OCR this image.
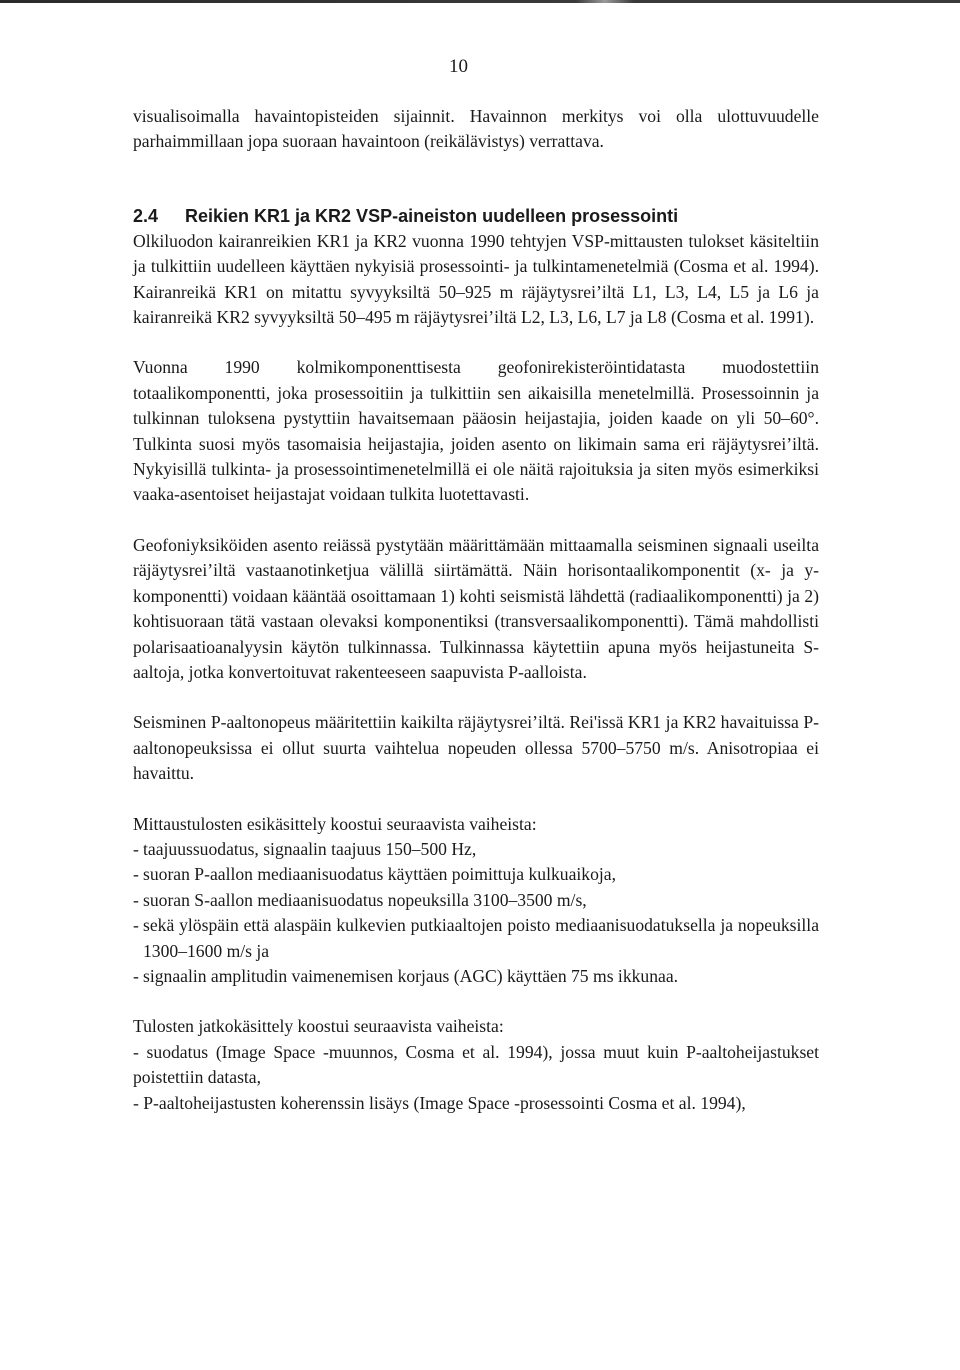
10

visualisoimalla havaintopisteiden sijainnit. Havainnon merkitys voi olla ulottuvuudelle parhaimmillaan jopa suoraan havaintoon (reikälävistys) verrattava.

2.4 Reikien KR1 ja KR2 VSP-aineiston uudelleen prosessointi

Olkiluodon kairanreikien KR1 ja KR2 vuonna 1990 tehtyjen VSP-mittausten tulokset käsiteltiin ja tulkittiin uudelleen käyttäen nykyisiä prosessointi- ja tulkintamenetelmiä (Cosma et al. 1994). Kairanreikä KR1 on mitattu syvyyksiltä 50–925 m räjäytysrei’iltä L1, L3, L4, L5 ja L6 ja kairanreikä KR2 syvyyksiltä 50–495 m räjäytysrei’iltä L2, L3, L6, L7 ja L8 (Cosma et al. 1991).

Vuonna 1990 kolmikomponenttisesta geofonirekisteröintidatasta muodostettiin totaalikomponentti, joka prosessoitiin ja tulkittiin sen aikaisilla menetelmillä. Prosessoinnin ja tulkinnan tuloksena pystyttiin havaitsemaan pääosin heijastajia, joiden kaade on yli 50–60°. Tulkinta suosi myös tasomaisia heijastajia, joiden asento on likimain sama eri räjäytysrei’iltä. Nykyisillä tulkinta- ja prosessointimenetelmillä ei ole näitä rajoituksia ja siten myös esimerkiksi vaaka-asentoiset heijastajat voidaan tulkita luotettavasti.

Geofoniyksiköiden asento reiässä pystytään määrittämään mittaamalla seisminen signaali useilta räjäytysrei’iltä vastaanotinketjua välillä siirtämättä. Näin horisontaalikomponentit (x- ja y-komponentti) voidaan kääntää osoittamaan 1) kohti seismistä lähdettä (radiaalikomponentti) ja 2) kohtisuoraan tätä vastaan olevaksi komponentiksi (transversaalikomponentti). Tämä mahdollisti polarisaatioanalyysin käytön tulkinnassa. Tulkinnassa käytettiin apuna myös heijastuneita S-aaltoja, jotka konvertoituvat rakenteeseen saapuvista P-aalloista.

Seisminen P-aaltonopeus määritettiin kaikilta räjäytysrei’iltä. Rei'issä KR1 ja KR2 havaituissa P-aaltonopeuksissa ei ollut suurta vaihtelua nopeuden ollessa 5700–5750 m/s. Anisotropiaa ei havaittu.

Mittaustulosten esikäsittely koostui seuraavista vaiheista:

- taajuussuodatus, signaalin taajuus 150–500 Hz,
- suoran P-aallon mediaanisuodatus käyttäen poimittuja kulkuaikoja,
- suoran S-aallon mediaanisuodatus nopeuksilla 3100–3500 m/s,
- sekä ylöspäin että alaspäin kulkevien putkiaaltojen poisto mediaanisuodatuksella ja nopeuksilla 1300–1600 m/s ja
- signaalin amplitudin vaimenemisen korjaus (AGC) käyttäen 75 ms ikkunaa.

Tulosten jatkokäsittely koostui seuraavista vaiheista:

- suodatus (Image Space -muunnos, Cosma et al. 1994), jossa muut kuin P-aaltoheijastukset poistettiin datasta,
- P-aaltoheijastusten koherenssin lisäys (Image Space -prosessointi Cosma et al. 1994),
